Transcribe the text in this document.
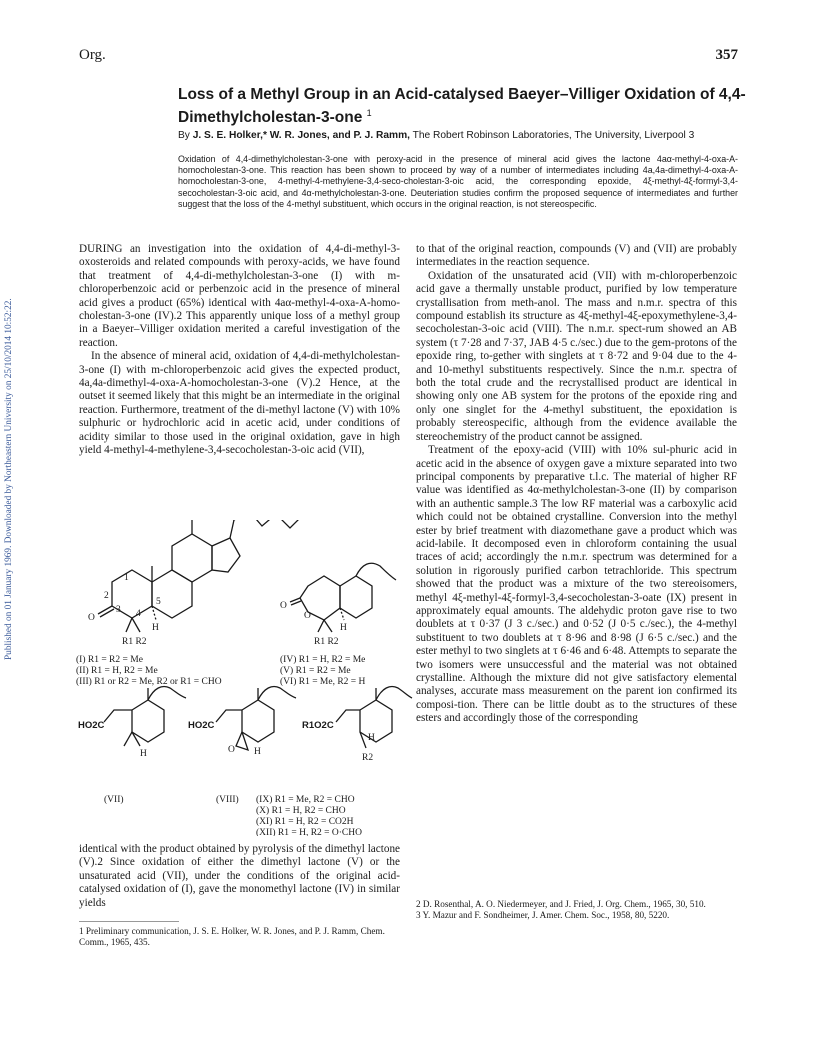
Org.	357
Loss of a Methyl Group in an Acid-catalysed Baeyer–Villiger Oxidation of 4,4-Dimethylcholestan-3-one $^1$
By J. S. E. Holker,* W. R. Jones, and P. J. Ramm, The Robert Robinson Laboratories, The University, Liverpool 3
Oxidation of 4,4-dimethylcholestan-3-one with peroxy-acid in the presence of mineral acid gives the lactone 4aα-methyl-4-oxa-A-homocholestan-3-one. This reaction has been shown to proceed by way of a number of intermediates including 4a,4a-dimethyl-4-oxa-A-homocholestan-3-one, 4-methyl-4-methylene-3,4-seco-cholestan-3-oic acid, the corresponding epoxide, 4ξ-methyl-4ξ-formyl-3,4-secocholestan-3-oic acid, and 4α-methylcholestan-3-one. Deuteriation studies confirm the proposed sequence of intermediates and further suggest that the loss of the 4-methyl substituent, which occurs in the original reaction, is not stereospecific.
Published on 01 January 1969. Downloaded by Northeastern University on 25/10/2014 10:52:22.

DURING an investigation into the oxidation of 4,4-di-methyl-3-oxosteroids and related compounds with peroxy-acids, we have found that treatment of 4,4-di-methylcholestan-3-one (I) with m-chloroperbenzoic acid or perbenzoic acid in the presence of mineral acid gives a product (65%) identical with 4aα-methyl-4-oxa-A-homo-cholestan-3-one (IV).2 This apparently unique loss of a methyl group in a Baeyer–Villiger oxidation merited a careful investigation of the reaction.

In the absence of mineral acid, oxidation of 4,4-di-methylcholestan-3-one (I) with m-chloroperbenzoic acid gives the expected product, 4a,4a-dimethyl-4-oxa-A-homocholestan-3-one (V).2 Hence, at the outset it seemed likely that this might be an intermediate in the original reaction. Furthermore, treatment of the di-methyl lactone (V) with 10% sulphuric or hydrochloric acid in acetic acid, under conditions of acidity similar to those used in the original oxidation, gave in high yield 4-methyl-4-methylene-3,4-secocholestan-3-oic acid (VII),

1
2
3 4
5
O
H
R1 R2
O
O
H
R1 R2
(I) R1 = R2 = Me
(II) R1 = H, R2 = Me
(III) R1 or R2 = Me, R2 or R1 = CHO
(IV) R1 = H, R2 = Me
(V) R1 = R2 = Me
(VI) R1 = Me, R2 = H
HO2C
H
(VII)
HO2C
O H
(VIII)
R1O2C
H
R2
(IX) R1 = Me, R2 = CHO
(X) R1 = H, R2 = CHO
(XI) R1 = H, R2 = CO2H
(XII) R1 = H, R2 = O·CHO

identical with the product obtained by pyrolysis of the dimethyl lactone (V).2 Since oxidation of either the dimethyl lactone (V) or the unsaturated acid (VII), under the conditions of the original acid-catalysed oxidation of (I), gave the monomethyl lactone (IV) in similar yields

1 Preliminary communication, J. S. E. Holker, W. R. Jones, and P. J. Ramm, Chem. Comm., 1965, 435.

to that of the original reaction, compounds (V) and (VII) are probably intermediates in the reaction sequence.

Oxidation of the unsaturated acid (VII) with m-chloroperbenzoic acid gave a thermally unstable product, purified by low temperature crystallisation from meth-anol. The mass and n.m.r. spectra of this compound establish its structure as 4ξ-methyl-4ξ-epoxymethylene-3,4-secocholestan-3-oic acid (VIII). The n.m.r. spect-rum showed an AB system (τ 7·28 and 7·37, JAB 4·5 c./sec.) due to the gem-protons of the epoxide ring, to-gether with singlets at τ 8·72 and 9·04 due to the 4- and 10-methyl substituents respectively. Since the n.m.r. spectra of both the total crude and the recrystallised product are identical in showing only one AB system for the protons of the epoxide ring and only one singlet for the 4-methyl substituent, the epoxidation is probably stereospecific, although from the evidence available the stereochemistry of the product cannot be assigned.

Treatment of the epoxy-acid (VIII) with 10% sul-phuric acid in acetic acid in the absence of oxygen gave a mixture separated into two principal components by preparative t.l.c. The material of higher RF value was identified as 4α-methylcholestan-3-one (II) by comparison with an authentic sample.3 The low RF material was a carboxylic acid which could not be obtained crystalline. Conversion into the methyl ester by brief treatment with diazomethane gave a product which was acid-labile. It decomposed even in chloroform containing the usual traces of acid; accordingly the n.m.r. spectrum was determined for a solution in rigorously purified carbon tetrachloride. This spectrum showed that the product was a mixture of the two stereoisomers, methyl 4ξ-methyl-4ξ-formyl-3,4-secocholestan-3-oate (IX) present in approximately equal amounts. The aldehydic proton gave rise to two doublets at τ 0·37 (J 3 c./sec.) and 0·52 (J 0·5 c./sec.), the 4-methyl substituent to two doublets at τ 8·96 and 8·98 (J 6·5 c./sec.) and the ester methyl to two singlets at τ 6·46 and 6·48. Attempts to separate the two isomers were unsuccessful and the material was not obtained crystalline. Although the mixture did not give satisfactory elemental analyses, accurate mass measurement on the parent ion confirmed its composi-tion. There can be little doubt as to the structures of these esters and accordingly those of the corresponding

2 D. Rosenthal, A. O. Niedermeyer, and J. Fried, J. Org. Chem., 1965, 30, 510.
3 Y. Mazur and F. Sondheimer, J. Amer. Chem. Soc., 1958, 80, 5220.
